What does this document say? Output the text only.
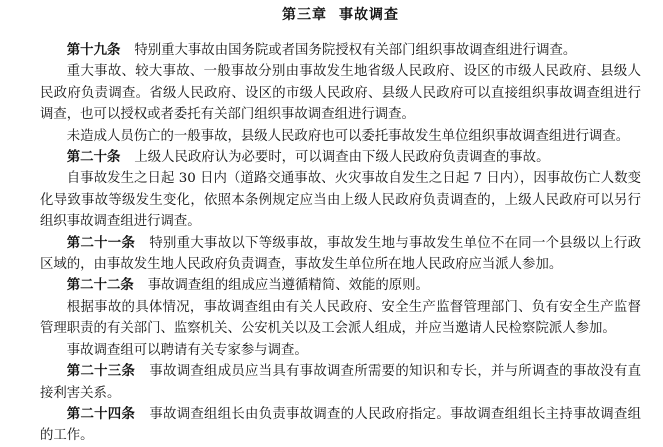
第三章 事故调查

第十九条 特别重大事故由国务院或者国务院授权有关部门组织事故调查组进行调查。

重大事故、较大事故、一般事故分别由事故发生地省级人民政府、设区的市级人民政府、县级人民政府负责调查。省级人民政府、设区的市级人民政府、县级人民政府可以直接组织事故调查组进行调查，也可以授权或者委托有关部门组织事故调查组进行调查。

未造成人员伤亡的一般事故，县级人民政府也可以委托事故发生单位组织事故调查组进行调查。

第二十条 上级人民政府认为必要时，可以调查由下级人民政府负责调查的事故。

自事故发生之日起 30 日内（道路交通事故、火灾事故自发生之日起 7 日内），因事故伤亡人数变化导致事故等级发生变化，依照本条例规定应当由上级人民政府负责调查的，上级人民政府可以另行组织事故调查组进行调查。

第二十一条 特别重大事故以下等级事故，事故发生地与事故发生单位不在同一个县级以上行政区域的，由事故发生地人民政府负责调查，事故发生单位所在地人民政府应当派人参加。

第二十二条 事故调查组的组成应当遵循精简、效能的原则。

根据事故的具体情况，事故调查组由有关人民政府、安全生产监督管理部门、负有安全生产监督管理职责的有关部门、监察机关、公安机关以及工会派人组成，并应当邀请人民检察院派人参加。

事故调查组可以聘请有关专家参与调查。

第二十三条 事故调查组成员应当具有事故调查所需要的知识和专长，并与所调查的事故没有直接利害关系。

第二十四条 事故调查组组长由负责事故调查的人民政府指定。事故调查组组长主持事故调查组的工作。
